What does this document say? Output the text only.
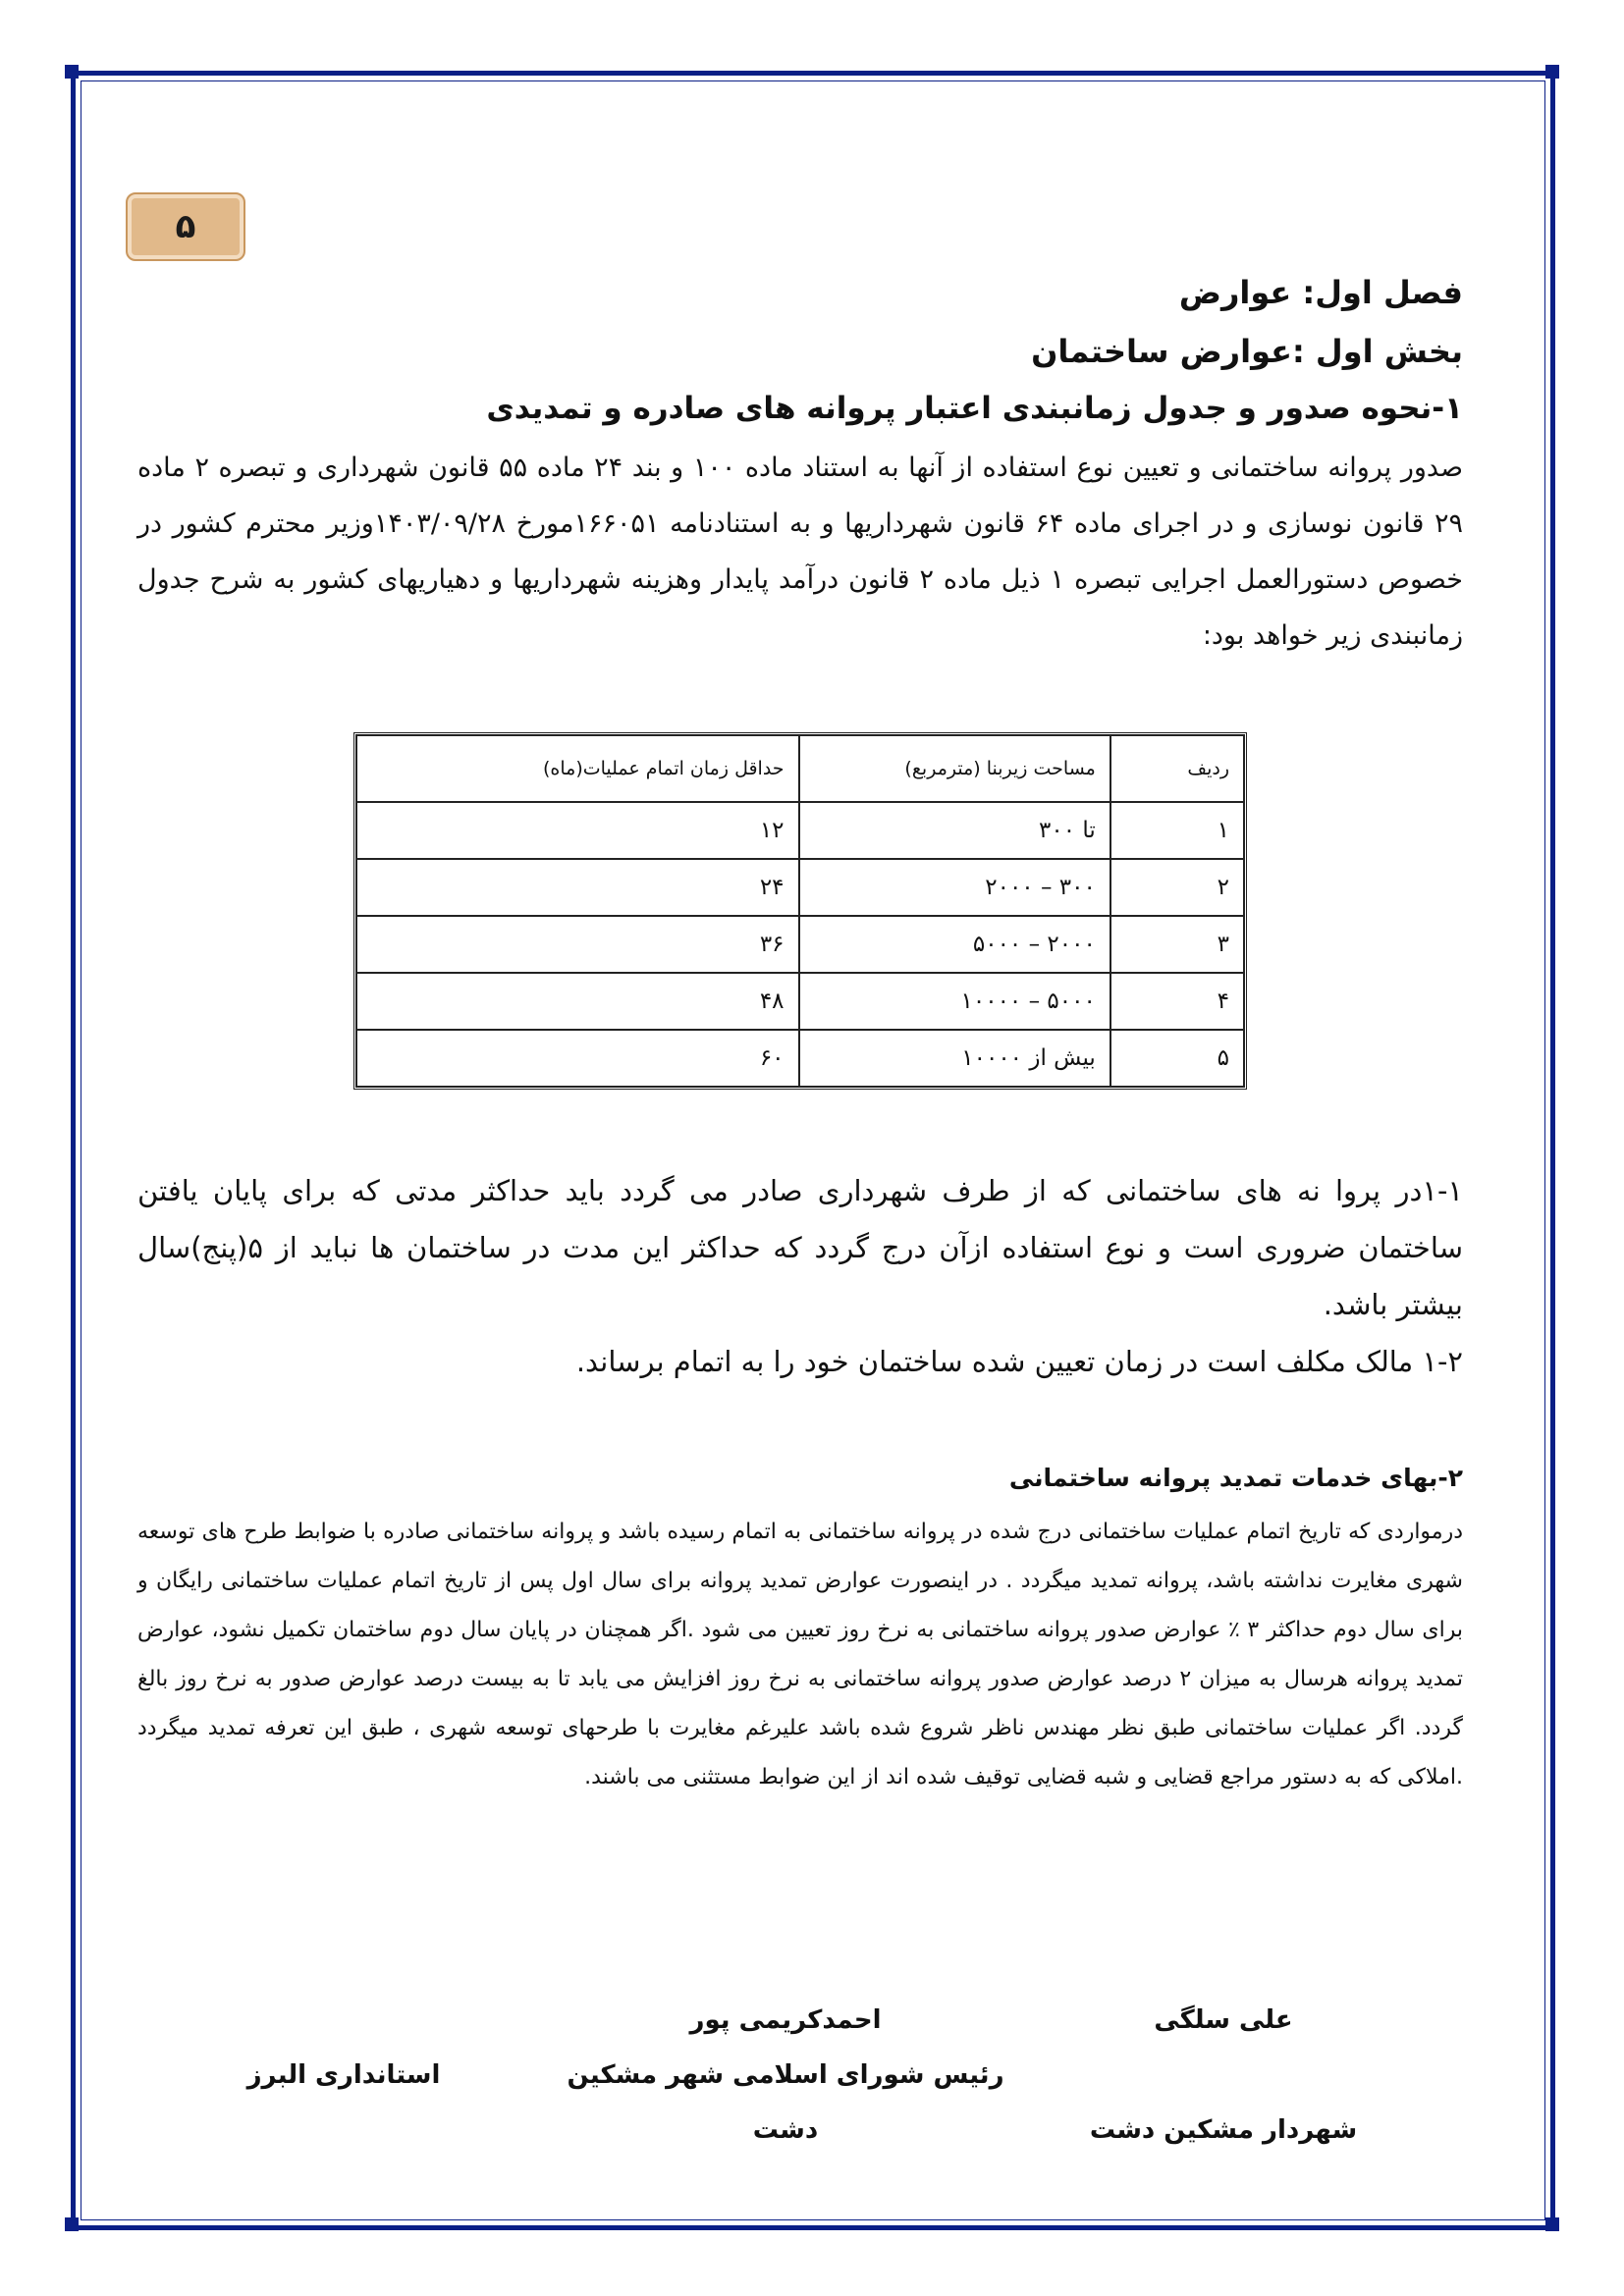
۵
فصل اول: عوارض
بخش اول :عوارض ساختمان
۱-نحوه صدور و جدول زمانبندی اعتبار پروانه های صادره و تمدیدی

صدور پروانه ساختمانی و تعیین نوع استفاده از آنها به استناد ماده ۱۰۰ و بند ۲۴ ماده ۵۵ قانون شهرداری و تبصره ۲ ماده ۲۹ قانون نوسازی و در اجرای ماده ۶۴ قانون شهرداریها و به استنادنامه ۱۶۶۰۵۱مورخ ۱۴۰۳/۰۹/۲۸وزیر محترم کشور در خصوص دستورالعمل اجرایی تبصره ۱ ذیل ماده ۲ قانون درآمد پایدار وهزینه شهرداریها و دهیاریهای کشور به شرح جدول زمانبندی زیر خواهد بود:

ردیف	مساحت زیربنا (مترمربع)	حداقل زمان اتمام عملیات(ماه)
۱	تا ۳۰۰	۱۲
۲	۳۰۰ – ۲۰۰۰	۲۴
۳	۲۰۰۰ – ۵۰۰۰	۳۶
۴	۵۰۰۰ – ۱۰۰۰۰	۴۸
۵	بیش از ۱۰۰۰۰	۶۰

۱-۱در پروا نه های ساختمانی که از طرف شهرداری صادر می گردد باید حداکثر مدتی که برای پایان یافتن ساختمان ضروری است و نوع استفاده ازآن درج گردد که حداکثر این مدت در ساختمان ها نباید از ۵(پنج)سال بیشتر باشد.

۱-۲ مالک مکلف است در زمان تعیین شده ساختمان خود را به اتمام برساند.

۲-بهای خدمات تمدید پروانه ساختمانی

درمواردی که تاریخ اتمام عملیات ساختمانی درج شده در پروانه ساختمانی به اتمام رسیده باشد و پروانه ساختمانی صادره با ضوابط طرح های توسعه شهری مغایرت نداشته باشد، پروانه تمدید میگردد . در اینصورت عوارض تمدید پروانه برای سال اول پس از تاریخ اتمام عملیات ساختمانی رایگان و برای سال دوم حداکثر ۳ ٪ عوارض صدور پروانه ساختمانی به نرخ روز تعیین می شود .اگر همچنان در پایان سال دوم ساختمان تکمیل نشود، عوارض تمدید پروانه هرسال به میزان ۲ درصد عوارض صدور پروانه ساختمانی به نرخ روز افزایش می یابد تا به بیست درصد عوارض صدور به نرخ روز بالغ گردد. اگر عملیات ساختمانی طبق نظر مهندس ناظر شروع شده باشد علیرغم مغایرت با طرحهای توسعه شهری ، طبق این تعرفه تمدید میگردد .املاکی که به دستور مراجع قضایی و شبه قضایی توقیف شده اند از این ضوابط مستثنی می باشند.

علی سلگی
شهردار مشکین دشت
احمدکریمی پور
رئیس شورای اسلامی شهر مشکین
دشت
استانداری البرز
